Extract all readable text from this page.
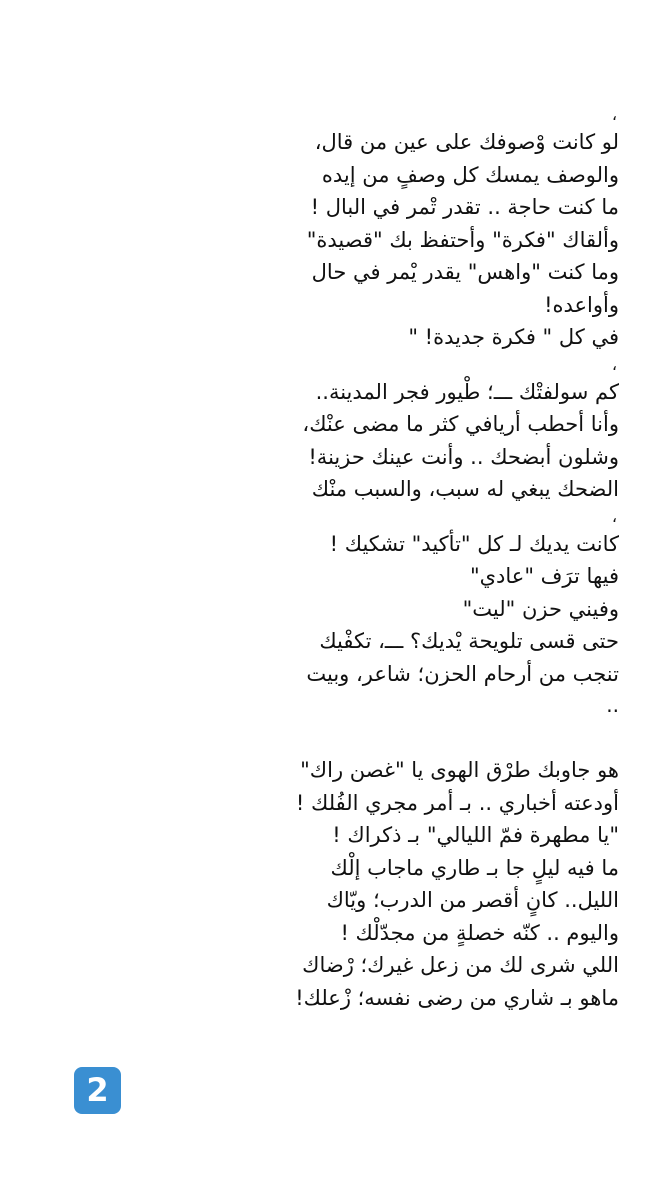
،
لو كانت وْصوفك على عين من قال،
والوصف يمسك كل وصفٍ من إيده
ما كنت حاجة .. تقدر تْمر في البال !
وألقاك "فكرة" وأحتفظ بك "قصيدة"
وما كنت "واهس" يقدر يْمر في حال
وأواعده!
في كل " فكرة جديدة! "
،
كم سولفتْك ـــ؛ طْيور فجر المدينة..
وأنا أحطب أريافي كثر ما مضى عنْك،
وشلون أبضحك .. وأنت عينك حزينة!
الضحك يبغي له سبب، والسبب منْك
،
كانت يديك لـ كل "تأكيد" تشكيك !
فيها ترَف "عادي"
وفيني حزن "ليت"
حتى قسى تلويحة يْديك؟ ـــ، تكفْيك
تنجب من أرحام الحزن؛ شاعر، وبيت
..
هو جاوبك طرْق الهوى يا "غصن راك"
أودعته أخباري .. بـ أمر مجري الفُلك !
"يا مطهرة فمّ الليالي" بـ ذكراك !
ما فيه ليلٍ جا بـ طاري ماجاب إلْك
الليل.. كانٍ أقصر من الدرب؛ ويّاك
واليوم .. كنّه خصلةٍ من مجدّلْك !
اللي شرى لك من زعل غيرك؛ رْضاك
ماهو بـ شاري من رضى نفسه؛ زْعلك!
2
